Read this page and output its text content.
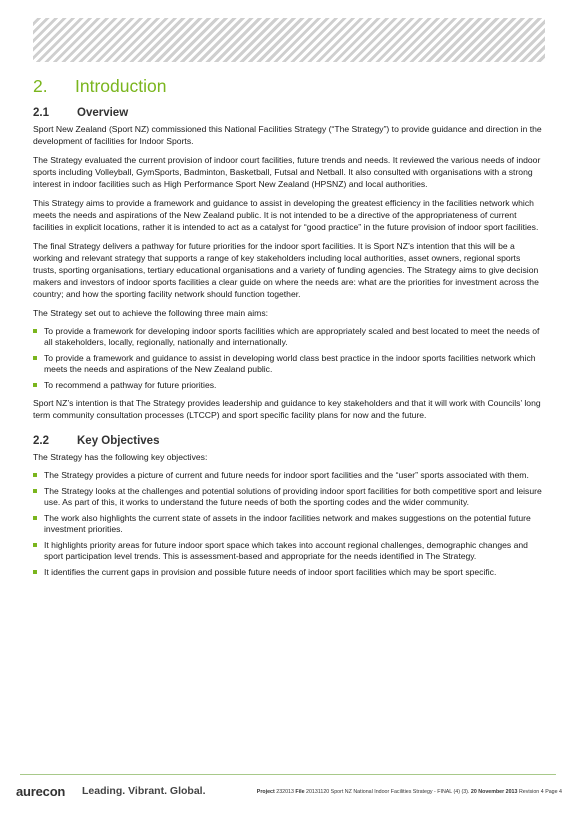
2. Introduction
2.1 Overview

Sport New Zealand (Sport NZ) commissioned this National Facilities Strategy (“The Strategy”) to provide guidance and direction in the development of facilities for Indoor Sports.

The Strategy evaluated the current provision of indoor court facilities, future trends and needs. It reviewed the various needs of indoor sports including Volleyball, GymSports, Badminton, Basketball, Futsal and Netball. It also consulted with organisations with a strong interest in indoor facilities such as High Performance Sport New Zealand (HPSNZ) and local authorities.

This Strategy aims to provide a framework and guidance to assist in developing the greatest efficiency in the facilities network which meets the needs and aspirations of the New Zealand public. It is not intended to be a directive of the appropriateness of current facilities in explicit locations, rather it is intended to act as a catalyst for “good practice” in the future provision of indoor sport facilities.

The final Strategy delivers a pathway for future priorities for the indoor sport facilities. It is Sport NZ’s intention that this will be a working and relevant strategy that supports a range of key stakeholders including local authorities, asset owners, regional sports trusts, sporting organisations, tertiary educational organisations and a variety of funding agencies. The Strategy aims to give decision makers and investors of indoor sports facilities a clear guide on where the needs are: what are the priorities for investment across the country; and how the sporting facility network should function together.

The Strategy set out to achieve the following three main aims:

To provide a framework for developing indoor sports facilities which are appropriately scaled and best located to meet the needs of all stakeholders, locally, regionally, nationally and internationally.
To provide a framework and guidance to assist in developing world class best practice in the indoor sports facilities network which meets the needs and aspirations of the New Zealand public.
To recommend a pathway for future priorities.

Sport NZ’s intention is that The Strategy provides leadership and guidance to key stakeholders and that it will work with Councils’ long term community consultation processes (LTCCP) and sport specific facility plans for now and the future.

2.2 Key Objectives

The Strategy has the following key objectives:

The Strategy provides a picture of current and future needs for indoor sport facilities and the “user” sports associated with them.
The Strategy looks at the challenges and potential solutions of providing indoor sport facilities for both competitive sport and leisure use. As part of this, it works to understand the future needs of both the sporting codes and the wider community.
The work also highlights the current state of assets in the indoor facilities network and makes suggestions on the potential future investment priorities.
It highlights priority areas for future indoor sport space which takes into account regional challenges, demographic changes and sport participation level trends. This is assessment-based and appropriate for the needs identified in The Strategy.
It identifies the current gaps in provision and possible future needs of indoor sport facilities which may be sport specific.
aurecon Leading. Vibrant. Global.	Project 232013 File 20131120 Sport NZ National Indoor Facilities Strategy - FINAL (4) (3). 20 November 2013 Revision 4 Page 4
